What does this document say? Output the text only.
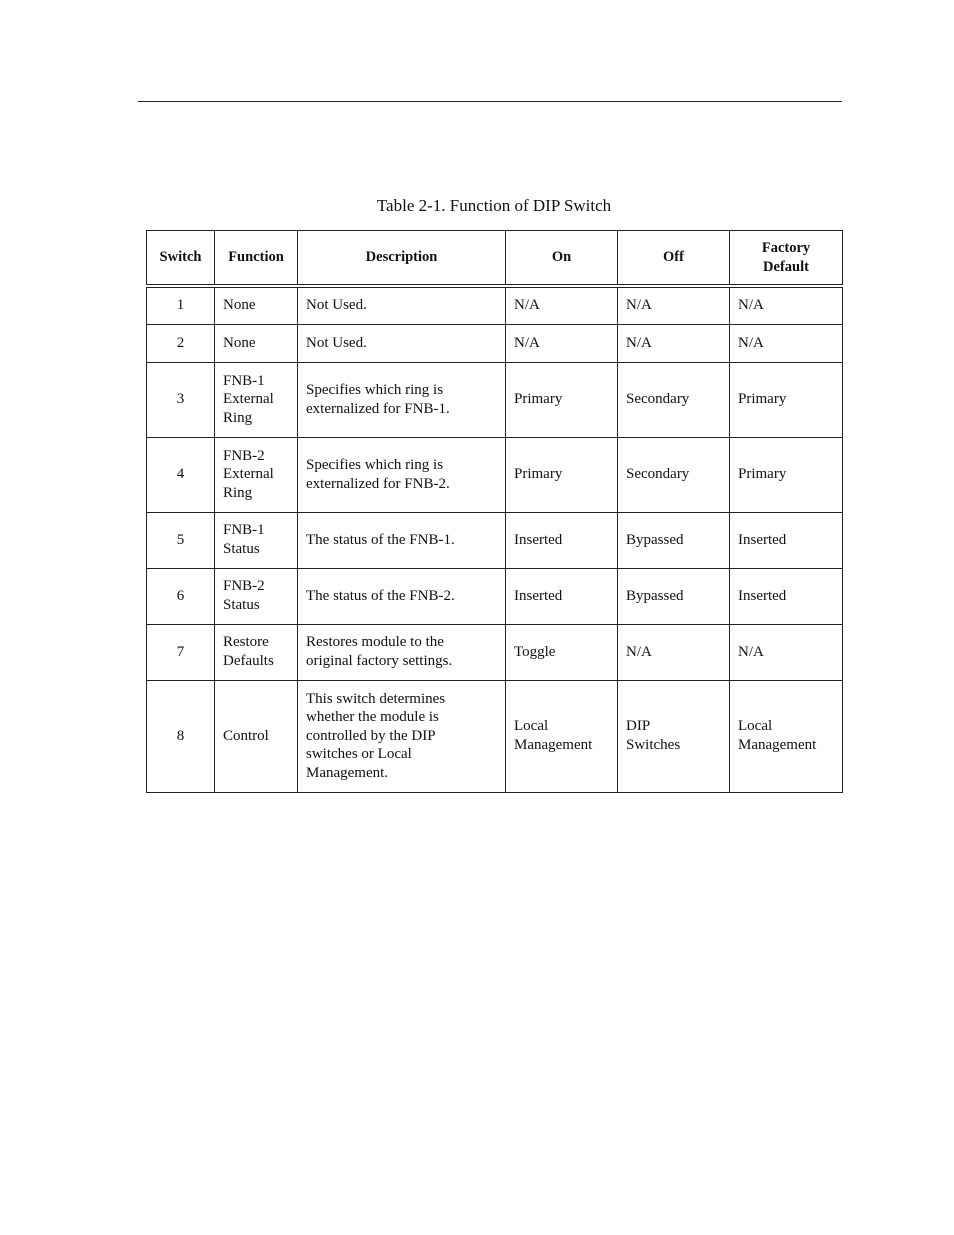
Table 2-1. Function of DIP Switch
Switch	Function	Description	On	Off	Factory
Default
1	None	Not Used.	N/A	N/A	N/A
2	None	Not Used.	N/A	N/A	N/A
3	FNB-1
External
Ring	Specifies which ring is
externalized for FNB-1.	Primary	Secondary	Primary
4	FNB-2
External
Ring	Specifies which ring is
externalized for FNB-2.	Primary	Secondary	Primary
5	FNB-1
Status	The status of the FNB-1.	Inserted	Bypassed	Inserted
6	FNB-2
Status	The status of the FNB-2.	Inserted	Bypassed	Inserted
7	Restore
Defaults	Restores module to the
original factory settings.	Toggle	N/A	N/A
8	Control	This switch determines
whether the module is
controlled by the DIP
switches or Local
Management.	Local
Management	DIP
Switches	Local
Management
